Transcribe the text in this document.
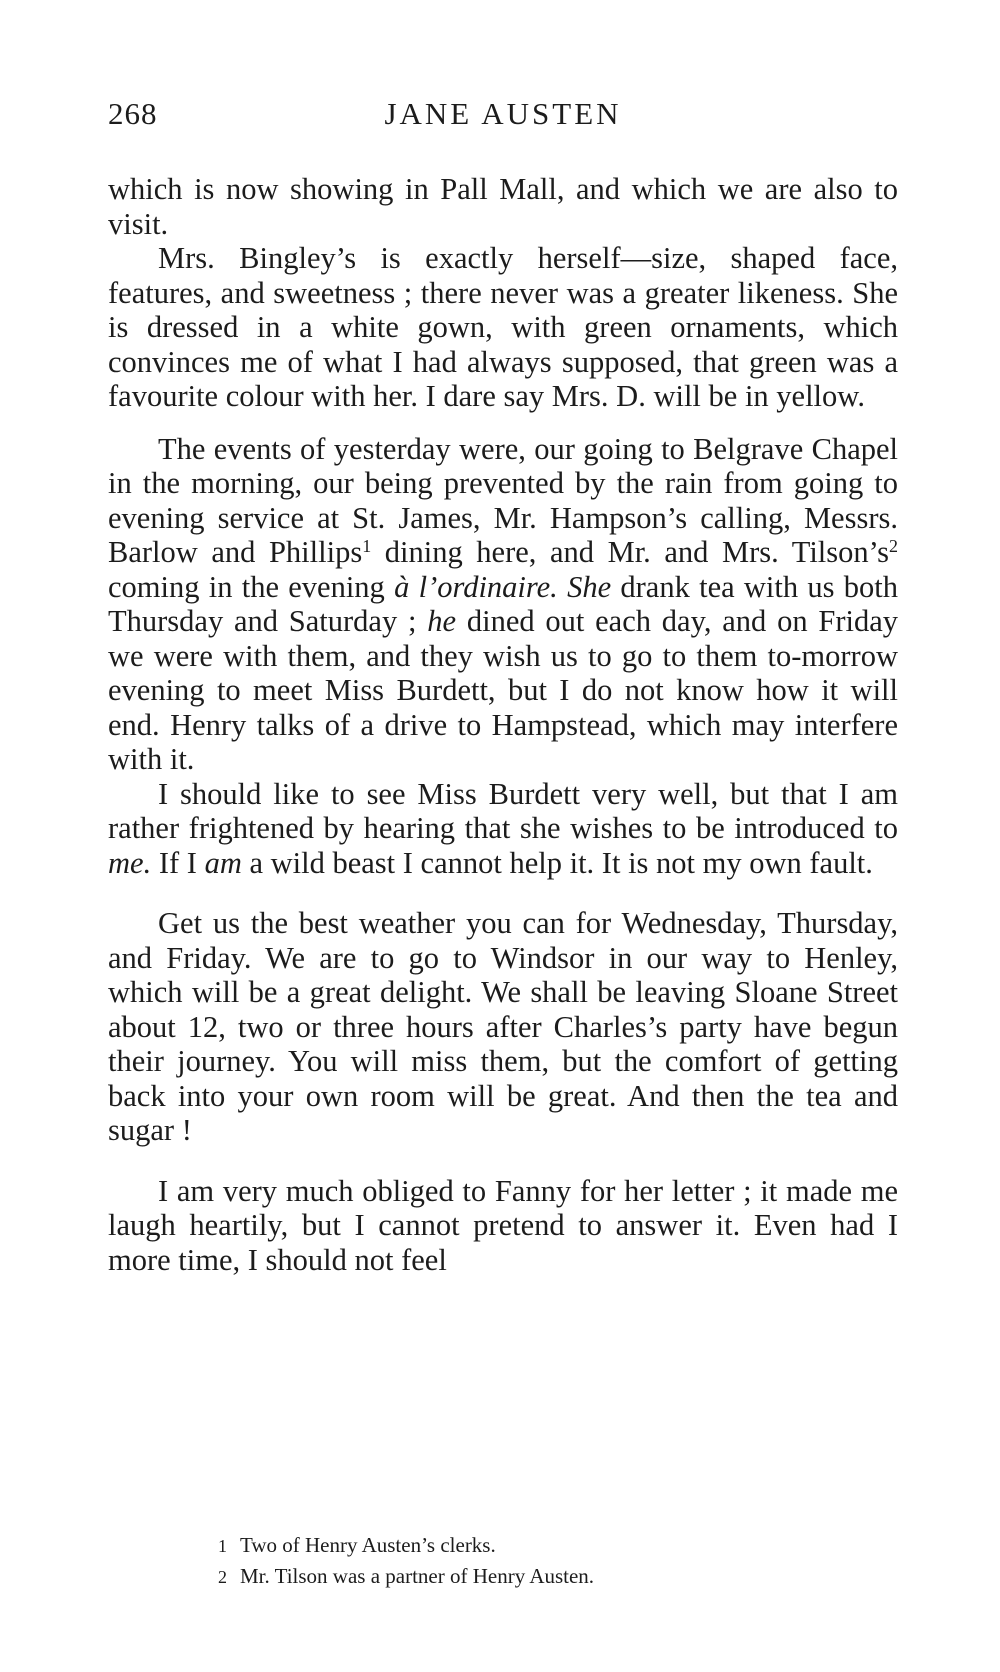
268	JANE AUSTEN

which is now showing in Pall Mall, and which we are also to visit.

Mrs. Bingley’s is exactly herself—size, shaped face, features, and sweetness ; there never was a greater likeness. She is dressed in a white gown, with green ornaments, which convinces me of what I had always supposed, that green was a favourite colour with her. I dare say Mrs. D. will be in yellow.

The events of yesterday were, our going to Belgrave Chapel in the morning, our being prevented by the rain from going to evening service at St. James, Mr. Hampson’s calling, Messrs. Barlow and Phillips$^1$ dining here, and Mr. and Mrs. Tilson’s$^2$ coming in the evening à l’ordinaire. She drank tea with us both Thursday and Saturday ; he dined out each day, and on Friday we were with them, and they wish us to go to them to-morrow evening to meet Miss Burdett, but I do not know how it will end. Henry talks of a drive to Hampstead, which may interfere with it.

I should like to see Miss Burdett very well, but that I am rather frightened by hearing that she wishes to be introduced to me. If I am a wild beast I cannot help it. It is not my own fault.

Get us the best weather you can for Wednesday, Thursday, and Friday. We are to go to Windsor in our way to Henley, which will be a great delight. We shall be leaving Sloane Street about 12, two or three hours after Charles’s party have begun their journey. You will miss them, but the comfort of getting back into your own room will be great. And then the tea and sugar !

I am very much obliged to Fanny for her letter ; it made me laugh heartily, but I cannot pretend to answer it. Even had I more time, I should not feel

1 Two of Henry Austen’s clerks.

2 Mr. Tilson was a partner of Henry Austen.
